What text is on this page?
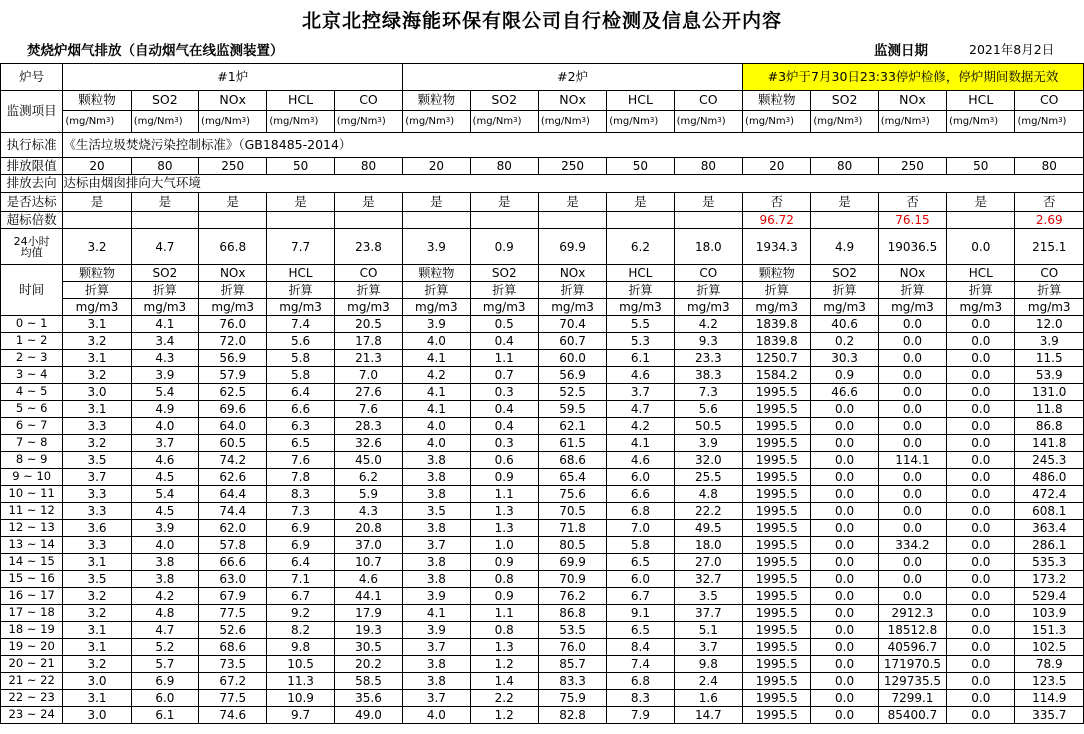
北京北控绿海能环保有限公司自行检测及信息公开内容
焚烧炉烟气排放（自动烟气在线监测装置）	监测日期	2021年8月2日
炉号	#1炉					#2炉					#3炉于7月30日23:33停炉检修，停炉期间数据无效				
监测项目	颗粒物	SO2	NOx	HCL	CO	颗粒物	SO2	NOx	HCL	CO	颗粒物	SO2	NOx	HCL	CO
	(mg/Nm$^3$)	(mg/Nm$^3$)	(mg/Nm$^3$)	(mg/Nm$^3$)	(mg/Nm$^3$)	(mg/Nm$^3$)	(mg/Nm$^3$)	(mg/Nm$^3$)	(mg/Nm$^3$)	(mg/Nm$^3$)	(mg/Nm$^3$)	(mg/Nm$^3$)	(mg/Nm$^3$)	(mg/Nm$^3$)	(mg/Nm$^3$)
执行标准	《生活垃圾焚烧污染控制标准》（GB18485-2014）														
排放限值	20	80	250	50	80	20	80	250	50	80	20	80	250	50	80
排放去向	达标由烟囱排向大气环境														
是否达标	是	是	是	是	是	是	是	是	是	是	否	是	否	是	否
超标倍数											96.72		76.15		2.69
24小时
均值	3.2	4.7	66.8	7.7	23.8	3.9	0.9	69.9	6.2	18.0	1934.3	4.9	19036.5	0.0	215.1
时间	颗粒物	SO2	NOx	HCL	CO	颗粒物	SO2	NOx	HCL	CO	颗粒物	SO2	NOx	HCL	CO
	折算	折算	折算	折算	折算	折算	折算	折算	折算	折算	折算	折算	折算	折算	折算
	mg/m3	mg/m3	mg/m3	mg/m3	mg/m3	mg/m3	mg/m3	mg/m3	mg/m3	mg/m3	mg/m3	mg/m3	mg/m3	mg/m3	mg/m3
0 ~ 1	3.1	4.1	76.0	7.4	20.5	3.9	0.5	70.4	5.5	4.2	1839.8	40.6	0.0	0.0	12.0
1 ~ 2	3.2	3.4	72.0	5.6	17.8	4.0	0.4	60.7	5.3	9.3	1839.8	0.2	0.0	0.0	3.9
2 ~ 3	3.1	4.3	56.9	5.8	21.3	4.1	1.1	60.0	6.1	23.3	1250.7	30.3	0.0	0.0	11.5
3 ~ 4	3.2	3.9	57.9	5.8	7.0	4.2	0.7	56.9	4.6	38.3	1584.2	0.9	0.0	0.0	53.9
4 ~ 5	3.0	5.4	62.5	6.4	27.6	4.1	0.3	52.5	3.7	7.3	1995.5	46.6	0.0	0.0	131.0
5 ~ 6	3.1	4.9	69.6	6.6	7.6	4.1	0.4	59.5	4.7	5.6	1995.5	0.0	0.0	0.0	11.8
6 ~ 7	3.3	4.0	64.0	6.3	28.3	4.0	0.4	62.1	4.2	50.5	1995.5	0.0	0.0	0.0	86.8
7 ~ 8	3.2	3.7	60.5	6.5	32.6	4.0	0.3	61.5	4.1	3.9	1995.5	0.0	0.0	0.0	141.8
8 ~ 9	3.5	4.6	74.2	7.6	45.0	3.8	0.6	68.6	4.6	32.0	1995.5	0.0	114.1	0.0	245.3
9 ~ 10	3.7	4.5	62.6	7.8	6.2	3.8	0.9	65.4	6.0	25.5	1995.5	0.0	0.0	0.0	486.0
10 ~ 11	3.3	5.4	64.4	8.3	5.9	3.8	1.1	75.6	6.6	4.8	1995.5	0.0	0.0	0.0	472.4
11 ~ 12	3.3	4.5	74.4	7.3	4.3	3.5	1.3	70.5	6.8	22.2	1995.5	0.0	0.0	0.0	608.1
12 ~ 13	3.6	3.9	62.0	6.9	20.8	3.8	1.3	71.8	7.0	49.5	1995.5	0.0	0.0	0.0	363.4
13 ~ 14	3.3	4.0	57.8	6.9	37.0	3.7	1.0	80.5	5.8	18.0	1995.5	0.0	334.2	0.0	286.1
14 ~ 15	3.1	3.8	66.6	6.4	10.7	3.8	0.9	69.9	6.5	27.0	1995.5	0.0	0.0	0.0	535.3
15 ~ 16	3.5	3.8	63.0	7.1	4.6	3.8	0.8	70.9	6.0	32.7	1995.5	0.0	0.0	0.0	173.2
16 ~ 17	3.2	4.2	67.9	6.7	44.1	3.9	0.9	76.2	6.7	3.5	1995.5	0.0	0.0	0.0	529.4
17 ~ 18	3.2	4.8	77.5	9.2	17.9	4.1	1.1	86.8	9.1	37.7	1995.5	0.0	2912.3	0.0	103.9
18 ~ 19	3.1	4.7	52.6	8.2	19.3	3.9	0.8	53.5	6.5	5.1	1995.5	0.0	18512.8	0.0	151.3
19 ~ 20	3.1	5.2	68.6	9.8	30.5	3.7	1.3	76.0	8.4	3.7	1995.5	0.0	40596.7	0.0	102.5
20 ~ 21	3.2	5.7	73.5	10.5	20.2	3.8	1.2	85.7	7.4	9.8	1995.5	0.0	171970.5	0.0	78.9
21 ~ 22	3.0	6.9	67.2	11.3	58.5	3.8	1.4	83.3	6.8	2.4	1995.5	0.0	129735.5	0.0	123.5
22 ~ 23	3.1	6.0	77.5	10.9	35.6	3.7	2.2	75.9	8.3	1.6	1995.5	0.0	7299.1	0.0	114.9
23 ~ 24	3.0	6.1	74.6	9.7	49.0	4.0	1.2	82.8	7.9	14.7	1995.5	0.0	85400.7	0.0	335.7
